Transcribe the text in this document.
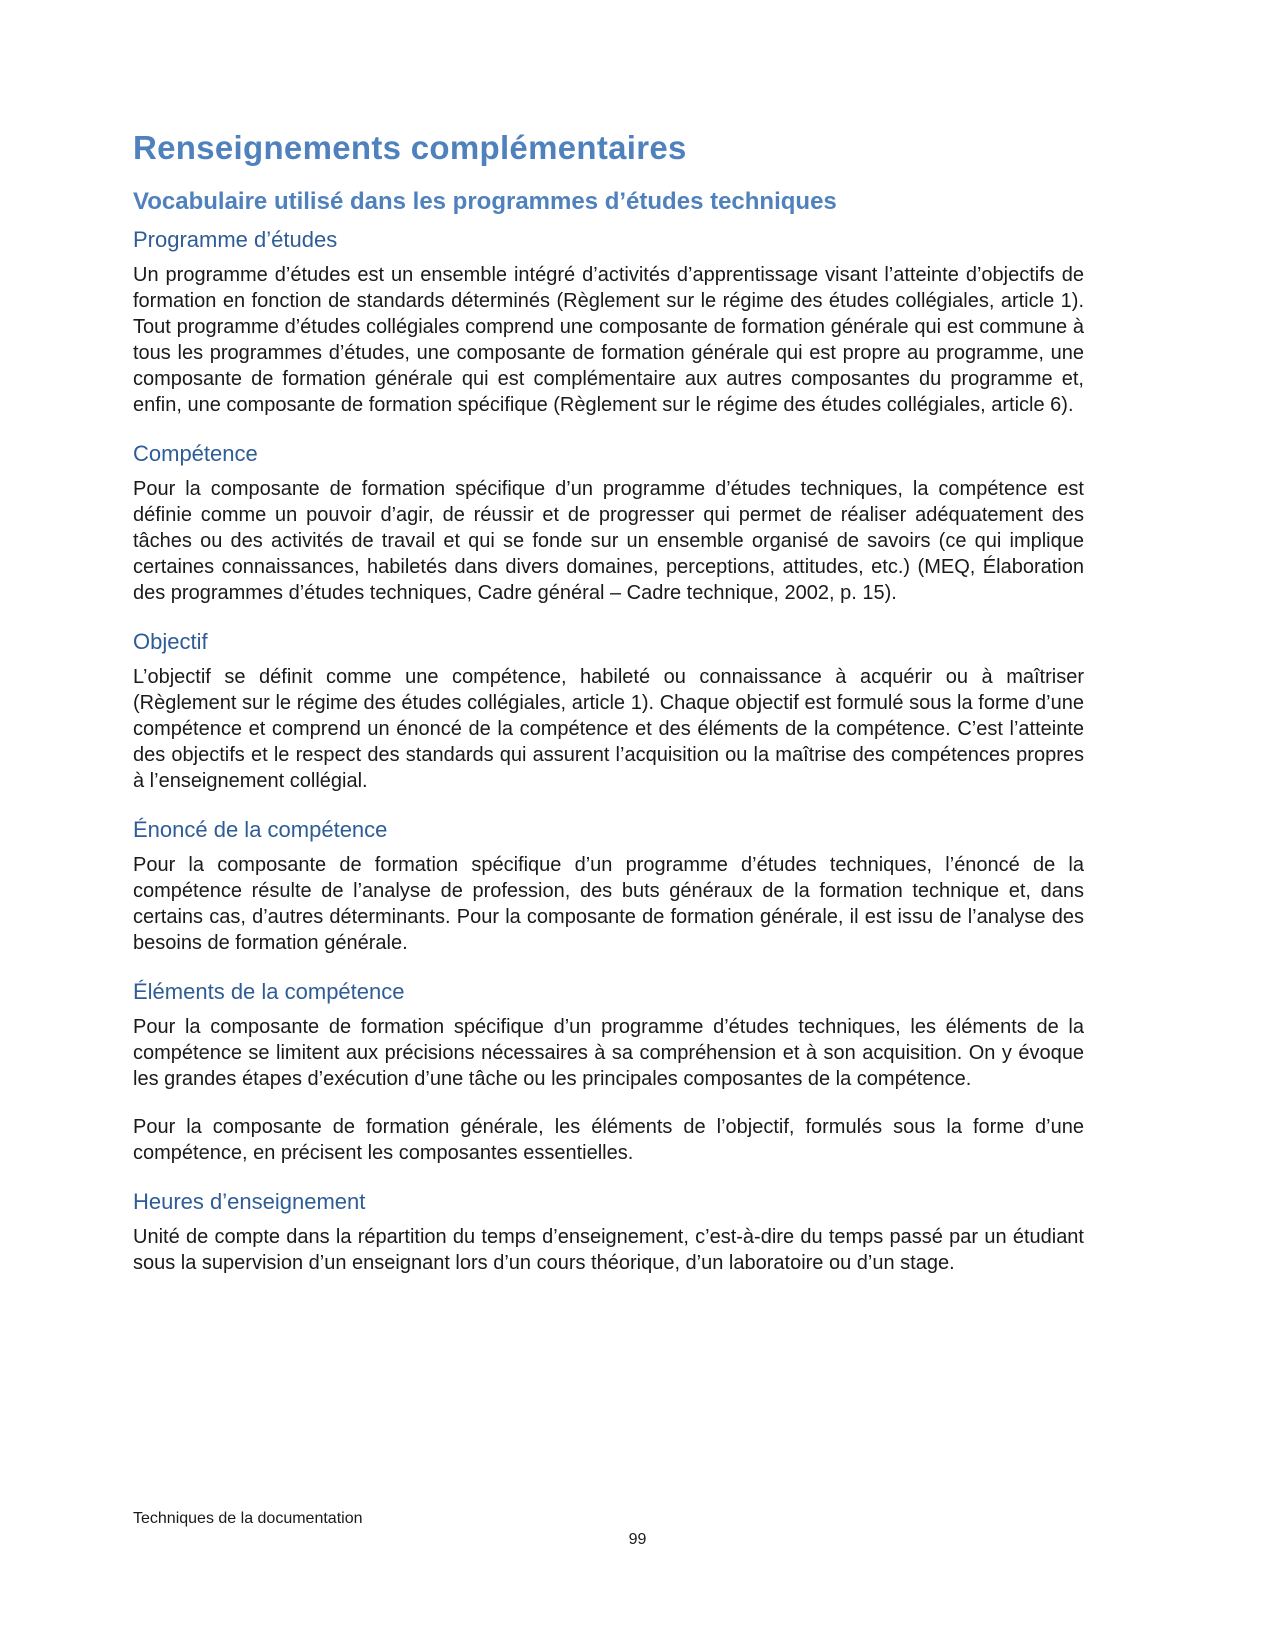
Renseignements complémentaires
Vocabulaire utilisé dans les programmes d’études techniques
Programme d’études

Un programme d’études est un ensemble intégré d’activités d’apprentissage visant l’atteinte d’objectifs de formation en fonction de standards déterminés (Règlement sur le régime des études collégiales, article 1). Tout programme d’études collégiales comprend une composante de formation générale qui est commune à tous les programmes d’études, une composante de formation générale qui est propre au programme, une composante de formation générale qui est complémentaire aux autres composantes du programme et, enfin, une composante de formation spécifique (Règlement sur le régime des études collégiales, article 6).

Compétence

Pour la composante de formation spécifique d’un programme d’études techniques, la compétence est définie comme un pouvoir d’agir, de réussir et de progresser qui permet de réaliser adéquatement des tâches ou des activités de travail et qui se fonde sur un ensemble organisé de savoirs (ce qui implique certaines connaissances, habiletés dans divers domaines, perceptions, attitudes, etc.) (MEQ, Élaboration des programmes d’études techniques, Cadre général – Cadre technique, 2002, p. 15).

Objectif

L’objectif se définit comme une compétence, habileté ou connaissance à acquérir ou à maîtriser (Règlement sur le régime des études collégiales, article 1). Chaque objectif est formulé sous la forme d’une compétence et comprend un énoncé de la compétence et des éléments de la compétence. C’est l’atteinte des objectifs et le respect des standards qui assurent l’acquisition ou la maîtrise des compétences propres à l’enseignement collégial.

Énoncé de la compétence

Pour la composante de formation spécifique d’un programme d’études techniques, l’énoncé de la compétence résulte de l’analyse de profession, des buts généraux de la formation technique et, dans certains cas, d’autres déterminants. Pour la composante de formation générale, il est issu de l’analyse des besoins de formation générale.

Éléments de la compétence

Pour la composante de formation spécifique d’un programme d’études techniques, les éléments de la compétence se limitent aux précisions nécessaires à sa compréhension et à son acquisition. On y évoque les grandes étapes d’exécution d’une tâche ou les principales composantes de la compétence.

Pour la composante de formation générale, les éléments de l’objectif, formulés sous la forme d’une compétence, en précisent les composantes essentielles.

Heures d’enseignement

Unité de compte dans la répartition du temps d’enseignement, c’est-à-dire du temps passé par un étudiant sous la supervision d’un enseignant lors d’un cours théorique, d’un laboratoire ou d’un stage.

Techniques de la documentation
99
